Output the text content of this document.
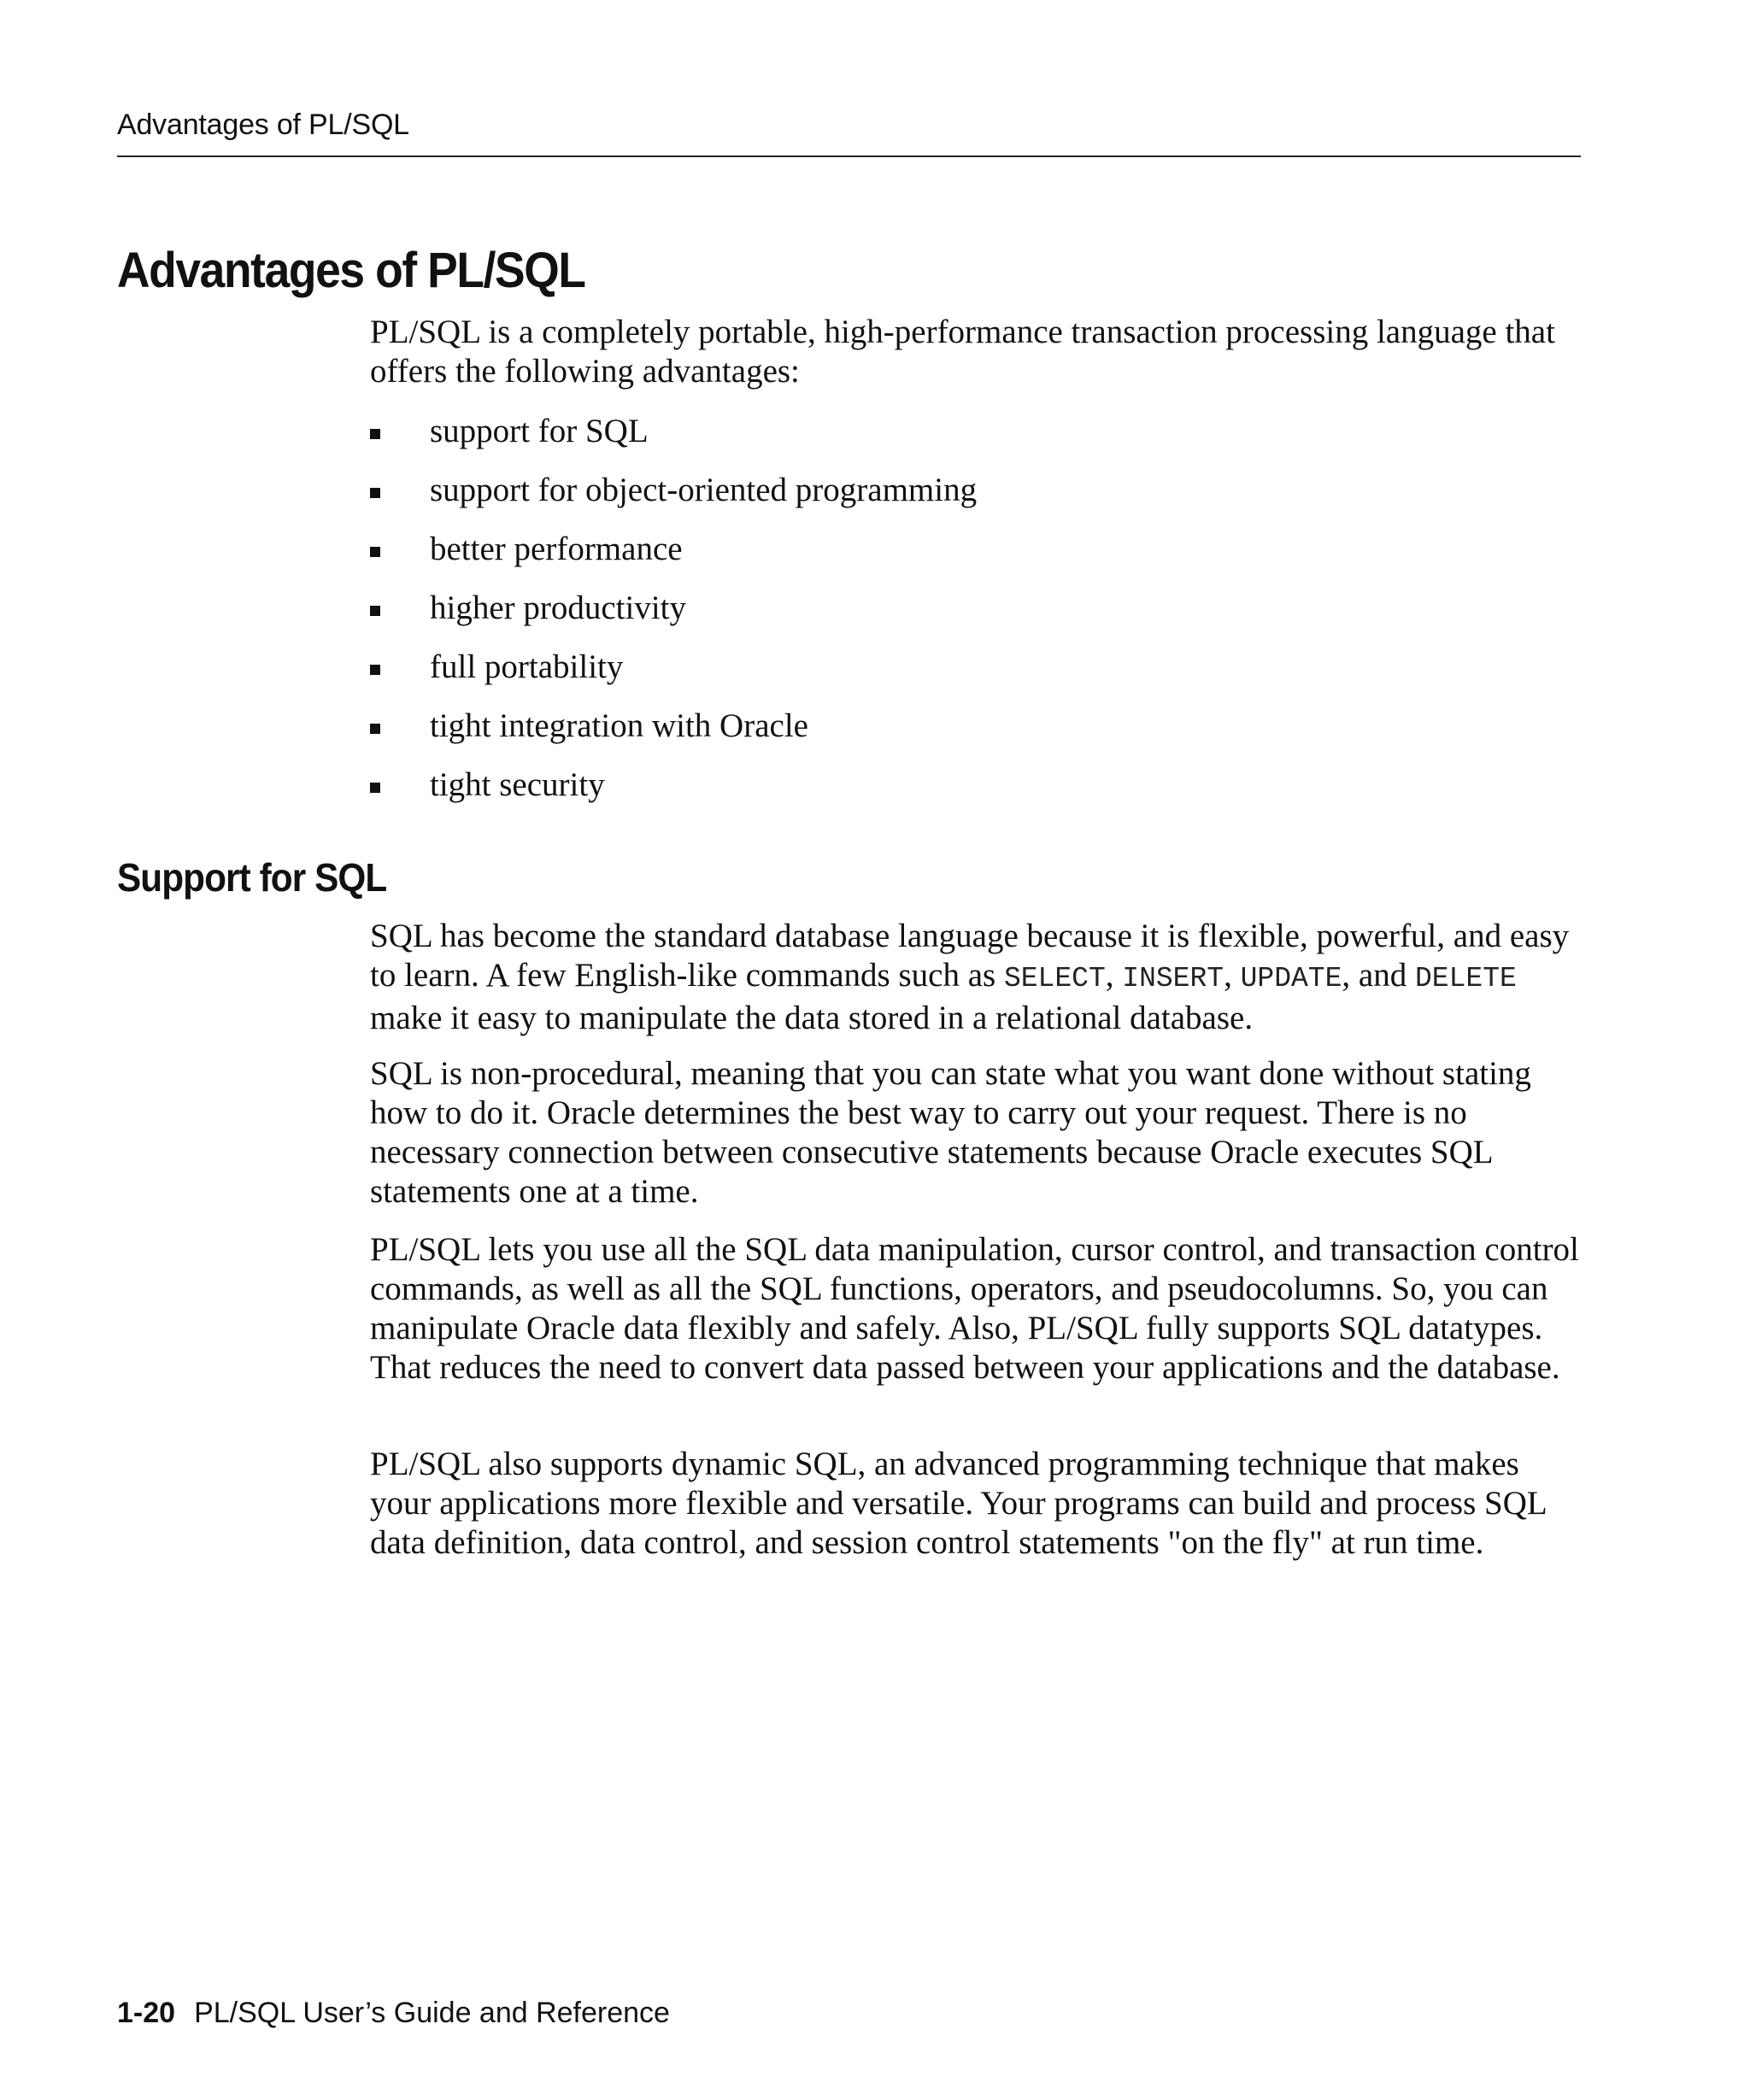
Advantages of PL/SQL
Advantages of PL/SQL

PL/SQL is a completely portable, high-performance transaction processing language that offers the following advantages:

support for SQL
support for object-oriented programming
better performance
higher productivity
full portability
tight integration with Oracle
tight security
Support for SQL

SQL has become the standard database language because it is flexible, powerful, and easy to learn. A few English-like commands such as SELECT, INSERT, UPDATE, and DELETE make it easy to manipulate the data stored in a relational database.

SQL is non-procedural, meaning that you can state what you want done without stating how to do it. Oracle determines the best way to carry out your request. There is no necessary connection between consecutive statements because Oracle executes SQL statements one at a time.

PL/SQL lets you use all the SQL data manipulation, cursor control, and transaction control commands, as well as all the SQL functions, operators, and pseudocolumns. So, you can manipulate Oracle data flexibly and safely. Also, PL/SQL fully supports SQL datatypes. That reduces the need to convert data passed between your applications and the database.

PL/SQL also supports dynamic SQL, an advanced programming technique that makes your applications more flexible and versatile. Your programs can build and process SQL data definition, data control, and session control statements "on the fly" at run time.

1-20 PL/SQL User’s Guide and Reference
